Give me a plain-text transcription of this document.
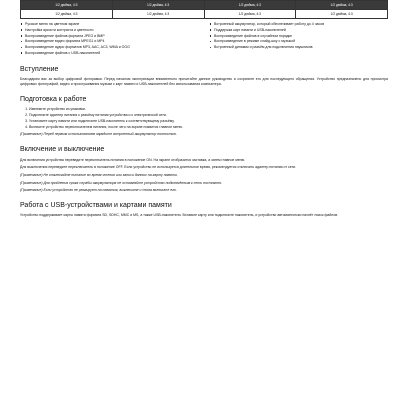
1/2 дюйма, 4:3	1/2 дюйма, 4:3	1/2 дюйма, 4:3	1/2 дюйма, 4:3
1/2 дюйма, 4:3	1/2 дюйма, 4:3	1/2 дюйма, 4:3	1/2 дюйма, 4:3
Русское меню на цветном экране
Настройка яркости контраста и цветности
Воспроизведение файлов формата JPEG и BMP
Воспроизведение видео формата MPEG1 и MP4
Воспроизведение аудио форматов MP3, AAC, AC3, WMA и OGG
Воспроизведение файлов с USB-накопителей
Встроенный аккумулятор, который обеспечивает работу до 4 часов
Поддержка карт памяти и USB-накопителей
Воспроизведение файлов в случайном порядке
Воспроизведение в режиме слайд-шоу с музыкой
Встроенный динамик и разъём для подключения наушников
Вступление

Благодарим вас за выбор цифровой фоторамки. Перед началом эксплуатации внимательно прочитайте данное руководство и сохраните его для последующего обращения. Устройство предназначено для просмотра цифровых фотографий, видео и прослушивания музыки с карт памяти и USB-накопителей без использования компьютера.

Подготовка к работе
1. Извлеките устройство из упаковки.
2. Подключите адаптер питания к разъёму питания устройства и к электрической сети.
3. Установите карту памяти или подключите USB-накопитель к соответствующему разъёму.
4. Включите устройство переключателем питания, после чего на экране появится главное меню.

(Примечание) Перед первым использованием зарядите встроенный аккумулятор полностью.

Включение и выключение

Для включения устройства переведите переключатель питания в положение ON. На экране отобразится заставка, а затем главное меню.

Для выключения переведите переключатель в положение OFF. Если устройство не используется длительное время, рекомендуется отключить адаптер питания от сети.

(Примечание) Не отключайте питание во время чтения или записи данных на карту памяти.

(Примечание) Для продления срока службы аккумулятора не оставляйте устройство подключённым к сети постоянно.

(Примечание) Если устройство не реагирует на нажатия, выключите и снова включите его.

Работа с USB-устройствами и картами памяти

Устройство поддерживает карты памяти формата SD, SDHC, MMC и MS, а также USB-накопители. Вставьте карту или подключите накопитель, и устройство автоматически начнёт поиск файлов.
